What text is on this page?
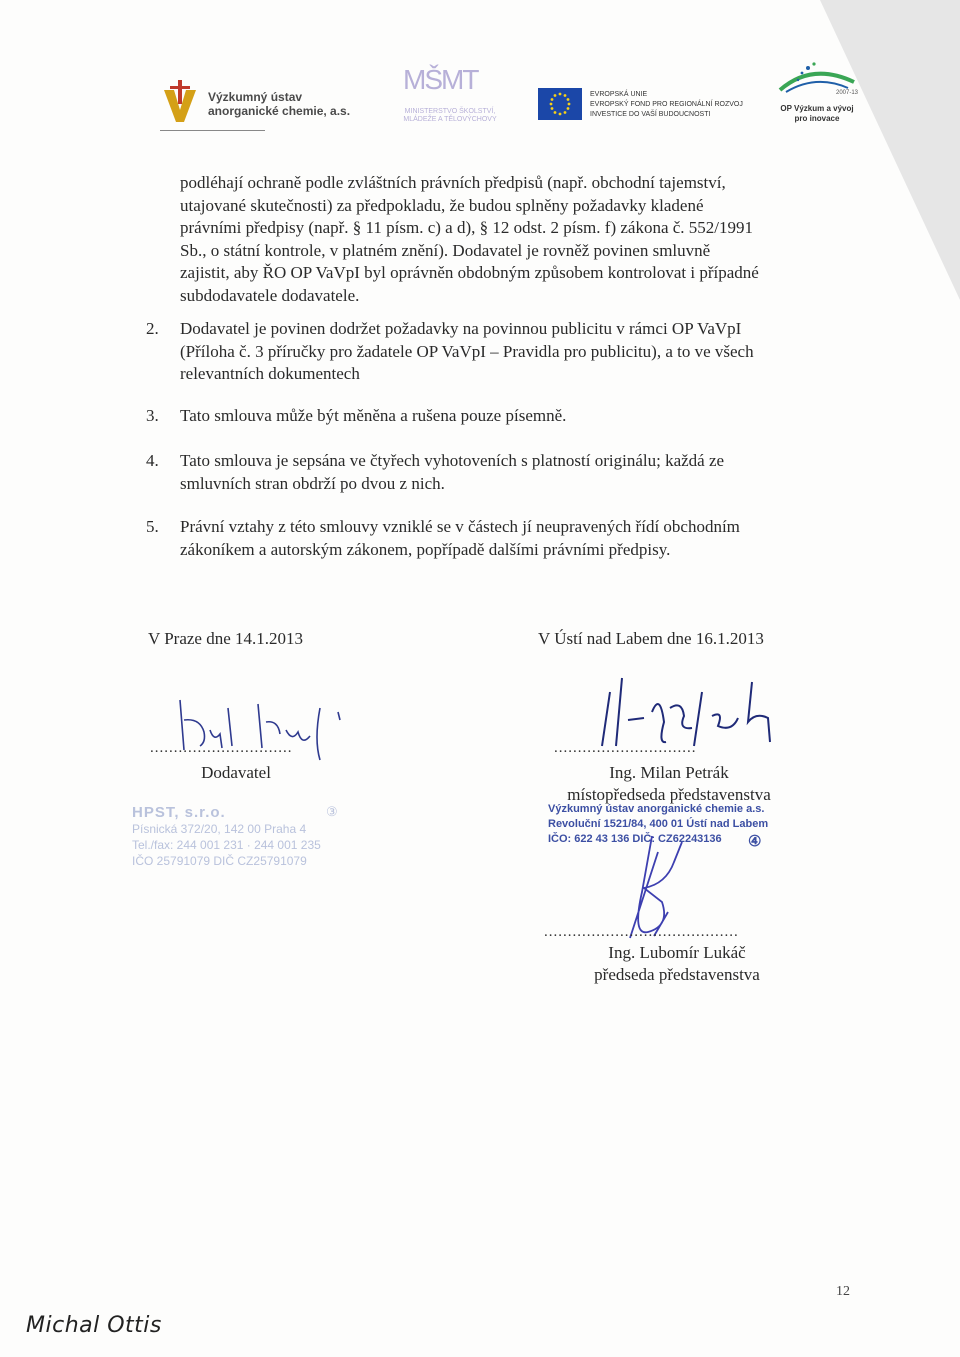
Výzkumný ústav
anorganické chemie, a.s.
MŠMT
MINISTERSTVO ŠKOLSTVÍ,
MLÁDEŽE A TĚLOVÝCHOVY
EVROPSKÁ UNIE
EVROPSKÝ FOND PRO REGIONÁLNÍ ROZVOJ
INVESTICE DO VAŠÍ BUDOUCNOSTI
2007-13
OP Výzkum a vývoj
pro inovace
podléhají ochraně podle zvláštních právních předpisů (např. obchodní tajemství,
utajované skutečnosti) za předpokladu, že budou splněny požadavky kladené
právními předpisy (např. § 11 písm. c) a d), § 12 odst. 2 písm. f) zákona č. 552/1991
Sb., o státní kontrole, v platném znění). Dodavatel je rovněž povinen smluvně
zajistit, aby ŘO OP VaVpI byl oprávněn obdobným způsobem kontrolovat i případné
subdodavatele dodavatele.
2. Dodavatel je povinen dodržet požadavky na povinnou publicitu v rámci OP VaVpI
(Příloha č. 3 příručky pro žadatele OP VaVpI – Pravidla pro publicitu), a to ve všech
relevantních dokumentech
3. Tato smlouva může být měněna a rušena pouze písemně.
4. Tato smlouva je sepsána ve čtyřech vyhotoveních s platností originálu; každá ze
smluvních stran obdrží po dvou z nich.
5. Právní vztahy z této smlouvy vzniklé se v částech jí neupravených řídí obchodním
zákoníkem a autorským zákonem, popřípadě dalšími právními předpisy.
V Praze dne 14.1.2013	V Ústí nad Labem dne 16.1.2013
..............................
Dodavatel
HPST, s.r.o.
Písnická 372/20, 142 00 Praha 4
Tel./fax: 244 001 231 · 244 001 235
IČO 25791079 DIČ CZ25791079
③
..............................
Ing. Milan Petrák
místopředseda představenstva
Výzkumný ústav anorganické chemie a.s.
Revoluční 1521/84, 400 01 Ústí nad Labem
IČO: 622 43 136 DIČ: CZ62243136	④
.........................................
Ing. Lubomír Lukáč
předseda představenstva
12
Michal Ottis
